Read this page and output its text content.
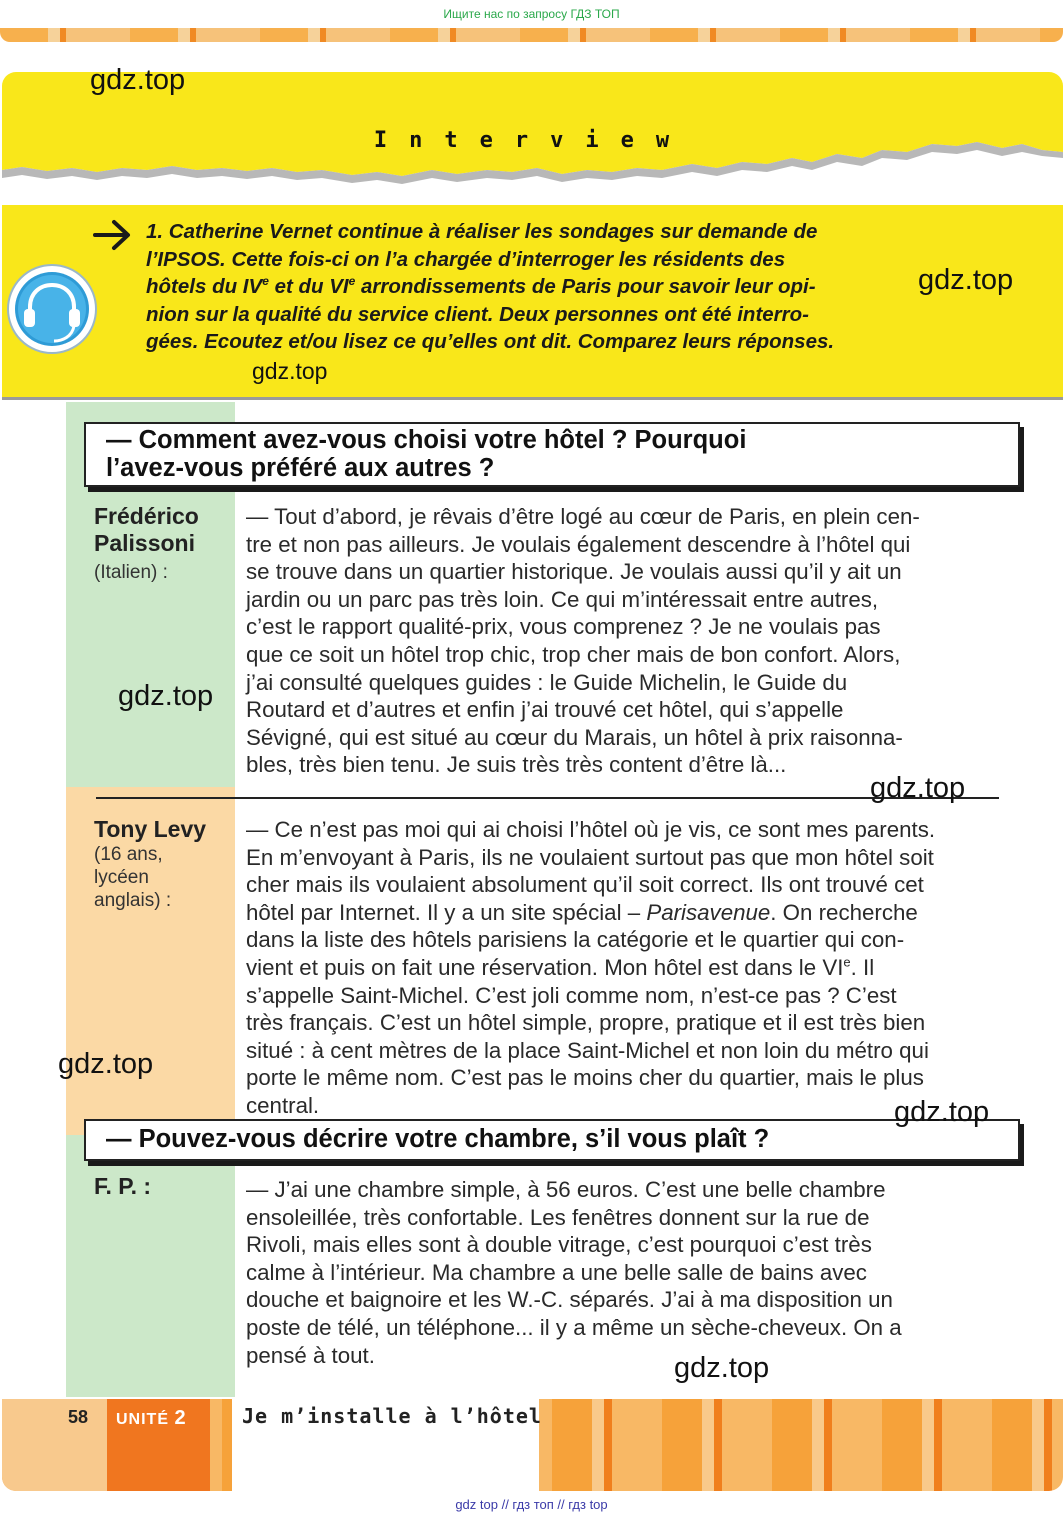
Ищите нас по запросу ГДЗ ТОП
Interview
1. Catherine Vernet continue à réaliser les sondages sur demande de
l’IPSOS. Cette fois-ci on l’a chargée d’interroger les résidents des
hôtels du IVe et du VIe arrondissements de Paris pour savoir leur opi-
nion sur la qualité du service client. Deux personnes ont été interro-
gées. Ecoutez et/ou lisez ce qu’elles ont dit. Comparez leurs réponses.
— Comment avez-vous choisi votre hôtel ? Pourquoi
l’avez-vous préféré aux autres ?
Frédérico
Palissoni
(Italien) :
— Tout d’abord, je rêvais d’être logé au cœur de Paris, en plein cen-
tre et non pas ailleurs. Je voulais également descendre à l’hôtel qui
se trouve dans un quartier historique. Je voulais aussi qu’il y ait un
jardin ou un parc pas très loin. Ce qui m’intéressait entre autres,
c’est le rapport qualité-prix, vous comprenez ? Je ne voulais pas
que ce soit un hôtel trop chic, trop cher mais de bon confort. Alors,
j’ai consulté quelques guides : le Guide Michelin, le Guide du
Routard et d’autres et enfin j’ai trouvé cet hôtel, qui s’appelle
Sévigné, qui est situé au cœur du Marais, un hôtel à prix raisonna-
bles, très bien tenu. Je suis très très content d’être là...
Tony Levy
(16 ans,
lycéen
anglais) :
— Ce n’est pas moi qui ai choisi l’hôtel où je vis, ce sont mes parents.
En m’envoyant à Paris, ils ne voulaient surtout pas que mon hôtel soit
cher mais ils voulaient absolument qu’il soit correct. Ils ont trouvé cet
hôtel par Internet. Il y a un site spécial – Parisavenue. On recherche
dans la liste des hôtels parisiens la catégorie et le quartier qui con-
vient et puis on fait une réservation. Mon hôtel est dans le VIe. Il
s’appelle Saint-Michel. C’est joli comme nom, n’est-ce pas ? C’est
très français. C’est un hôtel simple, propre, pratique et il est très bien
situé : à cent mètres de la place Saint-Michel et non loin du métro qui
porte le même nom. C’est pas le moins cher du quartier, mais le plus
central.
— Pouvez-vous décrire votre chambre, s’il vous plaît ?
F. P. :	— J’ai une chambre simple, à 56 euros. C’est une belle chambre
ensoleillée, très confortable. Les fenêtres donnent sur la rue de
Rivoli, mais elles sont à double vitrage, c’est pourquoi c’est très
calme à l’intérieur. Ma chambre a une belle salle de bains avec
douche et baignoire et les W.-C. séparés. J’ai à ma disposition un
poste de télé, un téléphone... il y a même un sèche-cheveux. On a
pensé à tout.
gdz.top
gdz.top
gdz.top
gdz.top
gdz.top
gdz.top
gdz.top
gdz.top
58 UNITÉ 2	Je m’installe à l’hôtel
gdz top // гдз топ // гдз top
